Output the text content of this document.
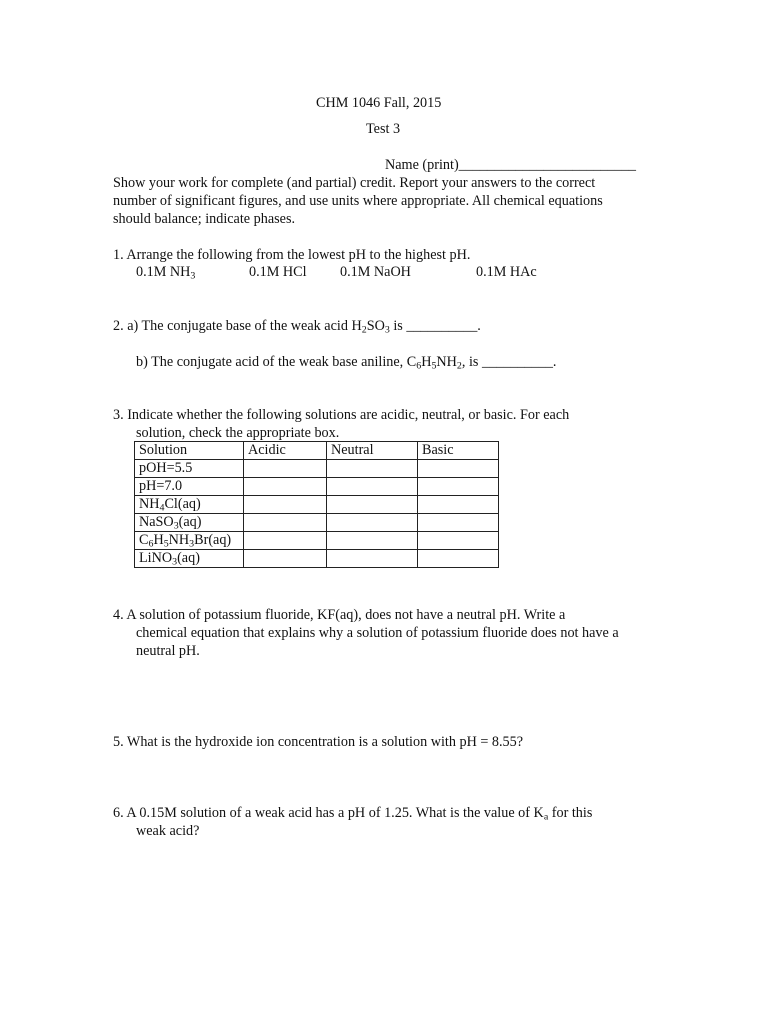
CHM 1046 Fall, 2015
Test 3
Name (print)_________________________
Show your work for complete (and partial) credit. Report your answers to the correct
number of significant figures, and use units where appropriate. All chemical equations
should balance; indicate phases.
1. Arrange the following from the lowest pH to the highest pH.
0.1M $NH_3$	0.1M HCl 0.1M NaOH	0.1M HAc
2. a) The conjugate base of the weak acid $H_2SO_3$ is __________.
b) The conjugate acid of the weak base aniline, $C_6H_5NH_2$, is __________.
3. Indicate whether the following solutions are acidic, neutral, or basic. For each
solution, check the appropriate box.
Solution	Acidic	Neutral	Basic
pOH=5.5			
pH=7.0			
$NH_4Cl(aq)$			
NaSO$_3$(aq)			
$C_6H_5NH_3Br(aq)$			
LiNO$_3$(aq)			
4. A solution of potassium fluoride, KF(aq), does not have a neutral pH. Write a
chemical equation that explains why a solution of potassium fluoride does not have a
neutral pH.
5. What is the hydroxide ion concentration is a solution with pH = 8.55?
6. A 0.15M solution of a weak acid has a pH of 1.25. What is the value of $K_a$ for this
weak acid?
